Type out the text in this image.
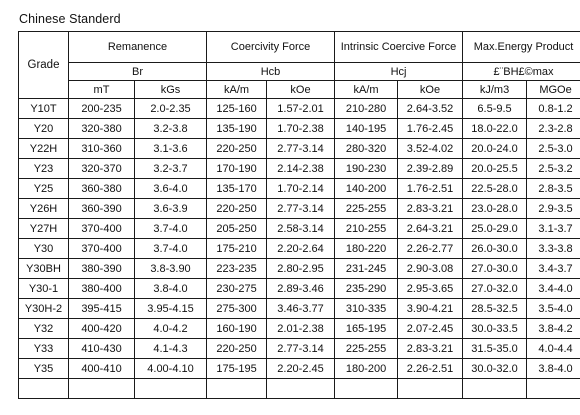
Chinese Standerd
Grade	Remanence		Coercivity Force		Intrinsic Coercive Force		Max.Energy Product	
	Br		Hcb		Hcj		£¨BH£©max	
	mT	kGs	kA/m	kOe	kA/m	kOe	kJ/m3	MGOe
Y10T	200-235	2.0-2.35	125-160	1.57-2.01	210-280	2.64-3.52	6.5-9.5	0.8-1.2
Y20	320-380	3.2-3.8	135-190	1.70-2.38	140-195	1.76-2.45	18.0-22.0	2.3-2.8
Y22H	310-360	3.1-3.6	220-250	2.77-3.14	280-320	3.52-4.02	20.0-24.0	2.5-3.0
Y23	320-370	3.2-3.7	170-190	2.14-2.38	190-230	2.39-2.89	20.0-25.5	2.5-3.2
Y25	360-380	3.6-4.0	135-170	1.70-2.14	140-200	1.76-2.51	22.5-28.0	2.8-3.5
Y26H	360-390	3.6-3.9	220-250	2.77-3.14	225-255	2.83-3.21	23.0-28.0	2.9-3.5
Y27H	370-400	3.7-4.0	205-250	2.58-3.14	210-255	2.64-3.21	25.0-29.0	3.1-3.7
Y30	370-400	3.7-4.0	175-210	2.20-2.64	180-220	2.26-2.77	26.0-30.0	3.3-3.8
Y30BH	380-390	3.8-3.90	223-235	2.80-2.95	231-245	2.90-3.08	27.0-30.0	3.4-3.7
Y30-1	380-400	3.8-4.0	230-275	2.89-3.46	235-290	2.95-3.65	27.0-32.0	3.4-4.0
Y30H-2	395-415	3.95-4.15	275-300	3.46-3.77	310-335	3.90-4.21	28.5-32.5	3.5-4.0
Y32	400-420	4.0-4.2	160-190	2.01-2.38	165-195	2.07-2.45	30.0-33.5	3.8-4.2
Y33	410-430	4.1-4.3	220-250	2.77-3.14	225-255	2.83-3.21	31.5-35.0	4.0-4.4
Y35	400-410	4.00-4.10	175-195	2.20-2.45	180-200	2.26-2.51	30.0-32.0	3.8-4.0
